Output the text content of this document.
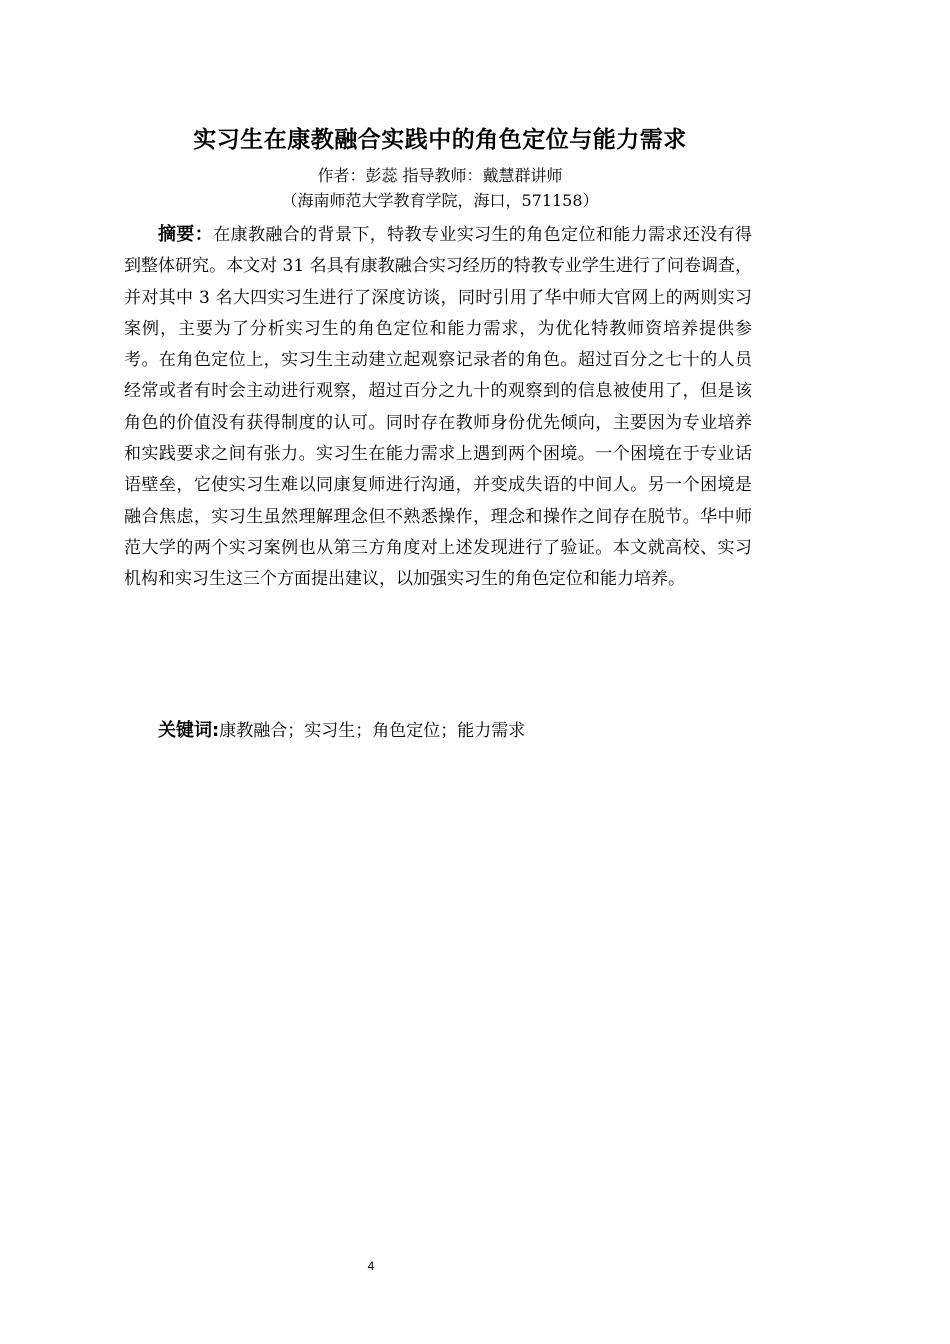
实习生在康教融合实践中的角色定位与能力需求
作者：彭蕊 指导教师：戴慧群讲师
（海南师范大学教育学院，海口，571158）

摘要：在康教融合的背景下，特教专业实习生的角色定位和能力需求还没有得到整体研究。本文对 31 名具有康教融合实习经历的特教专业学生进行了问卷调查，并对其中 3 名大四实习生进行了深度访谈，同时引用了华中师大官网上的两则实习案例，主要为了分析实习生的角色定位和能力需求，为优化特教师资培养提供参考。在角色定位上，实习生主动建立起观察记录者的角色。超过百分之七十的人员经常或者有时会主动进行观察，超过百分之九十的观察到的信息被使用了，但是该角色的价值没有获得制度的认可。同时存在教师身份优先倾向，主要因为专业培养和实践要求之间有张力。实习生在能力需求上遇到两个困境。一个困境在于专业话语壁垒，它使实习生难以同康复师进行沟通，并变成失语的中间人。另一个困境是融合焦虑，实习生虽然理解理念但不熟悉操作，理念和操作之间存在脱节。华中师范大学的两个实习案例也从第三方角度对上述发现进行了验证。本文就高校、实习机构和实习生这三个方面提出建议，以加强实习生的角色定位和能力培养。

关键词:康教融合；实习生；角色定位；能力需求

4
